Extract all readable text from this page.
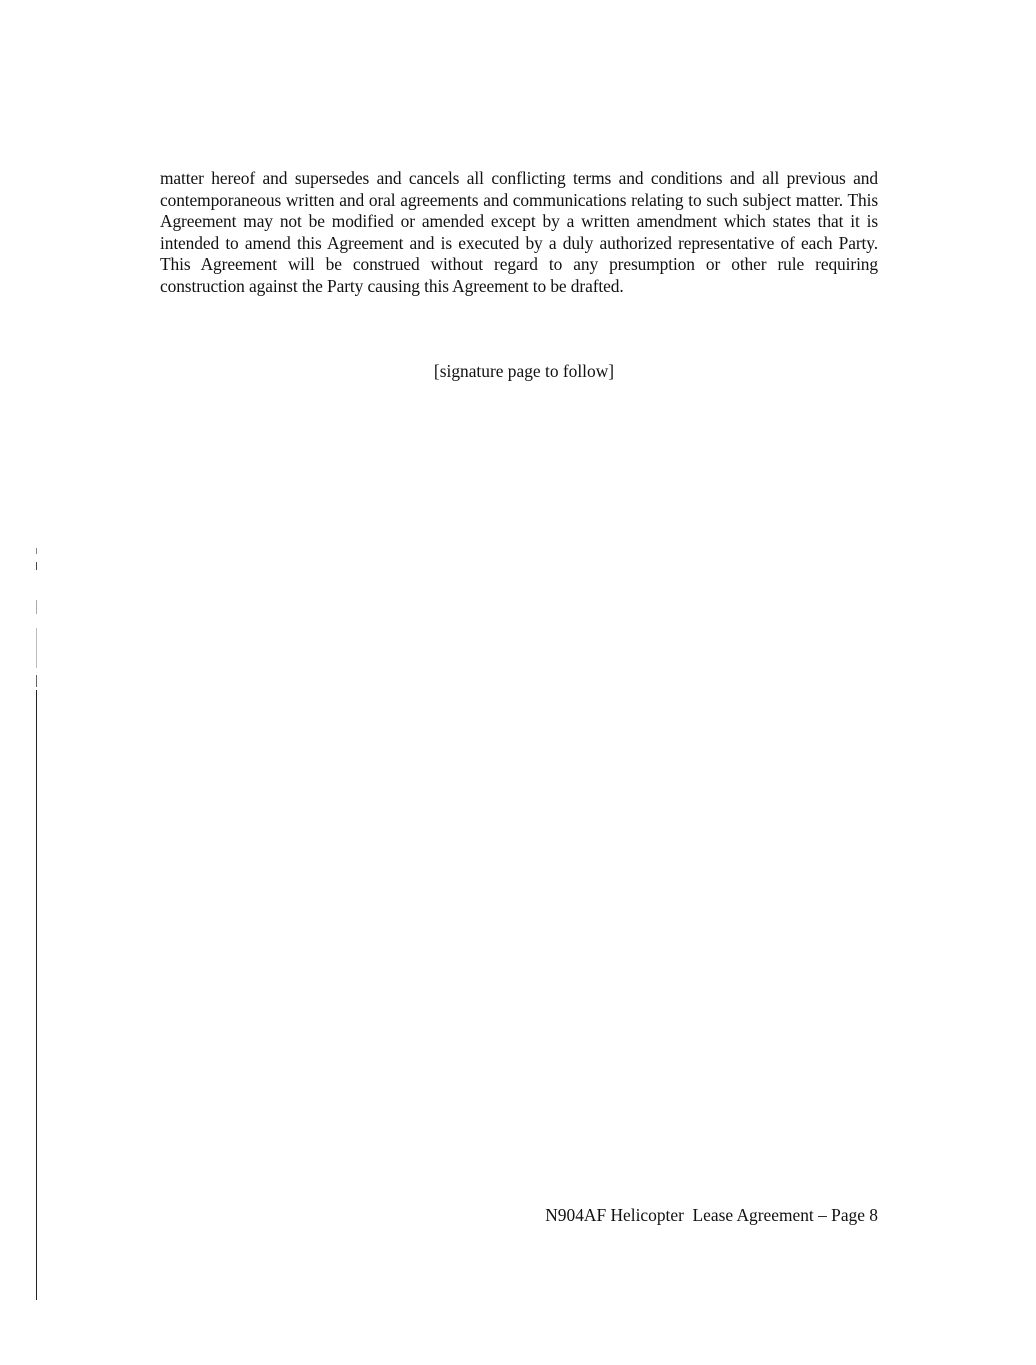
matter hereof and supersedes and cancels all conflicting terms and conditions and all previous and contemporaneous written and oral agreements and communications relating to such subject matter. This Agreement may not be modified or amended except by a written amendment which states that it is intended to amend this Agreement and is executed by a duly authorized representative of each Party. This Agreement will be construed without regard to any presumption or other rule requiring construction against the Party causing this Agreement to be drafted.

[signature page to follow]

N904AF Helicopter  Lease Agreement – Page 8
